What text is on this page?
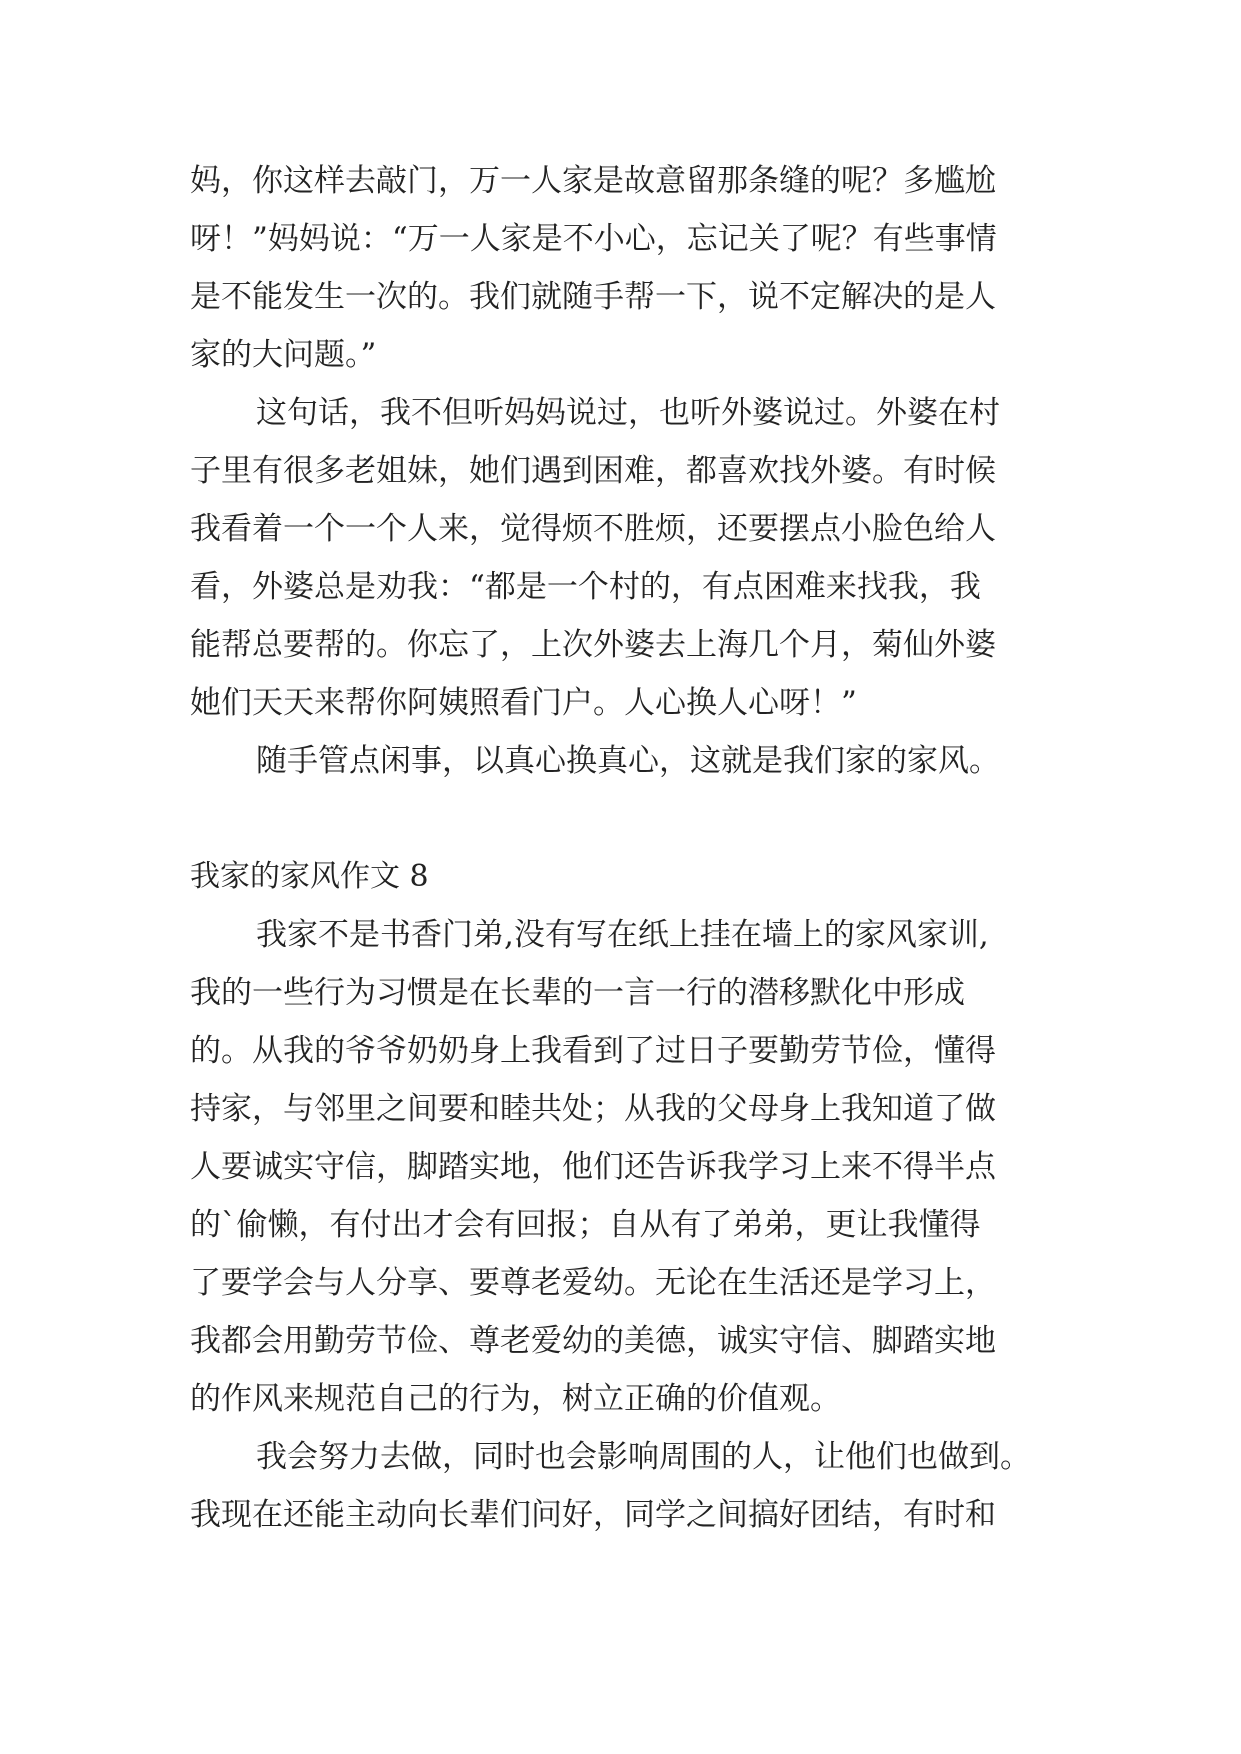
妈，你这样去敲门，万一人家是故意留那条缝的呢？多尴尬
呀！”妈妈说：“万一人家是不小心，忘记关了呢？有些事情
是不能发生一次的。我们就随手帮一下，说不定解决的是人
家的大问题。”
这句话，我不但听妈妈说过，也听外婆说过。外婆在村
子里有很多老姐妹，她们遇到困难，都喜欢找外婆。有时候
我看着一个一个人来，觉得烦不胜烦，还要摆点小脸色给人
看，外婆总是劝我：“都是一个村的，有点困难来找我，我
能帮总要帮的。你忘了，上次外婆去上海几个月，菊仙外婆
她们天天来帮你阿姨照看门户。人心换人心呀！”
随手管点闲事，以真心换真心，这就是我们家的家风。
我家的家风作文 8
我家不是书香门弟,没有写在纸上挂在墙上的家风家训,
我的一些行为习惯是在长辈的一言一行的潜移默化中形成
的。从我的爷爷奶奶身上我看到了过日子要勤劳节俭，懂得
持家，与邻里之间要和睦共处；从我的父母身上我知道了做
人要诚实守信，脚踏实地，他们还告诉我学习上来不得半点
的`偷懒，有付出才会有回报；自从有了弟弟，更让我懂得
了要学会与人分享、要尊老爱幼。无论在生活还是学习上，
我都会用勤劳节俭、尊老爱幼的美德，诚实守信、脚踏实地
的作风来规范自己的行为，树立正确的价值观。
我会努力去做，同时也会影响周围的人，让他们也做到。
我现在还能主动向长辈们问好，同学之间搞好团结，有时和
